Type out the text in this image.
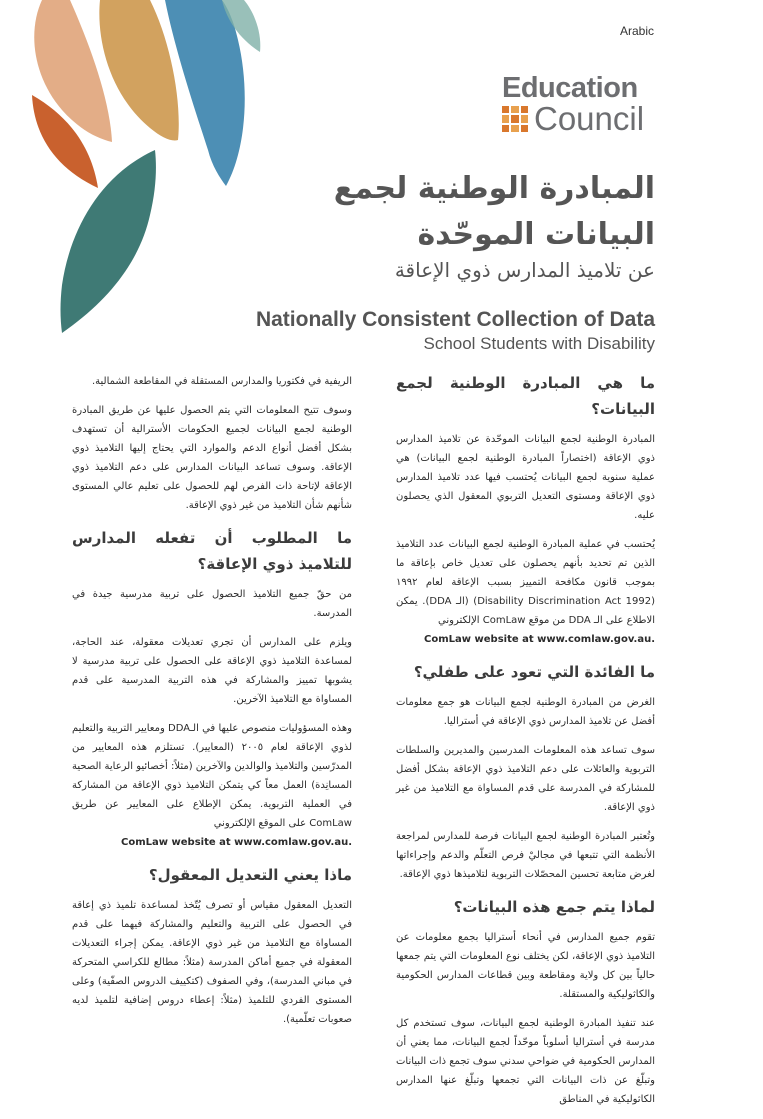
Arabic
Education
Council
المبادرة الوطنية لجمع البيانات الموحّدة
عن تلاميذ المدارس ذوي الإعاقة
Nationally Consistent Collection of Data
School Students with Disability
ما هي المبادرة الوطنية لجمع البيانات؟

المبادرة الوطنية لجمع البيانات الموحّدة عن تلاميذ المدارس ذوي الإعاقة (اختصاراً المبادرة الوطنية لجمع البيانات) هي عملية سنوية لجمع البيانات يُحتسب فيها عدد تلاميذ المدارس ذوي الإعاقة ومستوى التعديل التربوي المعقول الذي يحصلون عليه.

يُحتسب في عملية المبادرة الوطنية لجمع البيانات عدد التلاميذ الذين تم تحديد بأنهم يحصلون على تعديل خاص بإعاقة ما بموجب قانون مكافحة التمييز بسبب الإعاقة لعام ١٩٩٢ (Disability Discrimination Act 1992) (الـ DDA). يمكن الاطلاع على الـ DDA من موقع ComLaw الإلكتروني
ComLaw website at www.comlaw.gov.au.

ما الفائدة التي تعود على طفلي؟

الغرض من المبادرة الوطنية لجمع البيانات هو جمع معلومات أفضل عن تلاميذ المدارس ذوي الإعاقة في أستراليا.

سوف تساعد هذه المعلومات المدرسين والمديرين والسلطات التربوية والعائلات على دعم التلاميذ ذوي الإعاقة بشكل أفضل للمشاركة في المدرسة على قدم المساواة مع التلاميذ من غير ذوي الإعاقة.

وتُعتبر المبادرة الوطنية لجمع البيانات فرصة للمدارس لمراجعة الأنظمة التي تتبعها في مجاليْ فرص التعلّم والدعم وإجراءاتها لغرض متابعة تحسين المحصّلات التربوية لتلاميذها ذوي الإعاقة.

لماذا يتم جمع هذه البيانات؟

تقوم جميع المدارس في أنحاء أستراليا بجمع معلومات عن التلاميذ ذوي الإعاقة، لكن يختلف نوع المعلومات التي يتم جمعها حالياً بين كل ولاية ومقاطعة وبين قطاعات المدارس الحكومية والكاثوليكية والمستقلة.

عند تنفيذ المبادرة الوطنية لجمع البيانات، سوف تستخدم كل مدرسة في أستراليا أسلوباً موحّداً لجمع البيانات، مما يعني أن المدارس الحكومية في ضواحي سدني سوف تجمع ذات البيانات وتبلّغ عن ذات البيانات التي تجمعها وتبلّغ عنها المدارس الكاثوليكية في المناطق

الريفية في فكتوريا والمدارس المستقلة في المقاطعة الشمالية.

وسوف تتيح المعلومات التي يتم الحصول عليها عن طريق المبادرة الوطنية لجمع البيانات لجميع الحكومات الأسترالية أن تستهدف بشكل أفضل أنواع الدعم والموارد التي يحتاج إليها التلاميذ ذوي الإعاقة. وسوف تساعد البيانات المدارس على دعم التلاميذ ذوي الإعاقة لإتاحة ذات الفرص لهم للحصول على تعليم عالي المستوى شأنهم شأن التلاميذ من غير ذوي الإعاقة.

ما المطلوب أن تفعله المدارس للتلاميذ ذوي الإعاقة؟

من حقّ جميع التلاميذ الحصول على تربية مدرسية جيدة في المدرسة.

ويلزم على المدارس أن تجري تعديلات معقولة، عند الحاجة، لمساعدة التلاميذ ذوي الإعاقة على الحصول على تربية مدرسية لا يشوبها تمييز والمشاركة في هذه التربية المدرسية على قدم المساواة مع التلاميذ الآخرين.

وهذه المسؤوليات منصوص عليها في الـDDA ومعايير التربية والتعليم لذوي الإعاقة لعام ٢٠٠٥ (المعايير). تستلزم هذه المعايير من المدرّسين والتلاميذ والوالدين والآخرين (مثلاً: أخصائيو الرعاية الصحية المسانِدة) العمل معاً كي يتمكن التلاميذ ذوي الإعاقة من المشاركة في العملية التربوية. يمكن الإطلاع على المعايير عن طريق ComLaw على الموقع الإلكتروني
ComLaw website at www.comlaw.gov.au.

ماذا يعني التعديل المعقول؟

التعديل المعقول مقياس أو تصرف يُتّخذ لمساعدة تلميذ ذي إعاقة في الحصول على التربية والتعليم والمشاركة فيهما على قدم المساواة مع التلاميذ من غير ذوي الإعاقة. يمكن إجراء التعديلات المعقولة في جميع أماكن المدرسة (مثلاً: مطالع للكراسي المتحركة في مباني المدرسة)، وفي الصفوف (كتكييف الدروس الصفّية) وعلى المستوى الفردي للتلميذ (مثلاً: إعطاء دروس إضافية لتلميذ لديه صعوبات تعلّمية).
